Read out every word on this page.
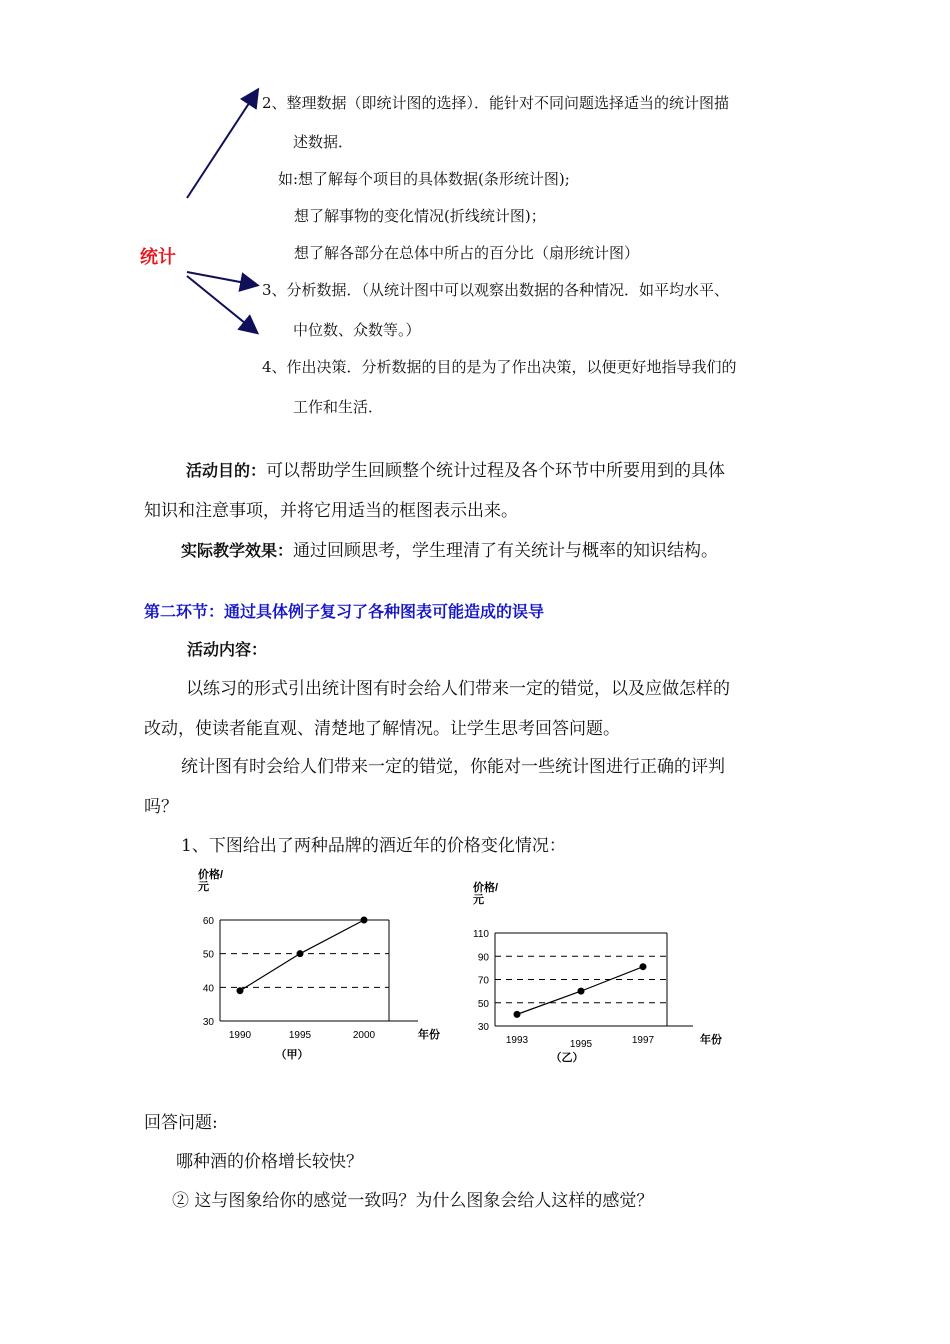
统计
2、整理数据（即统计图的选择）．能针对不同问题选择适当的统计图描
述数据．
如:想了解每个项目的具体数据(条形统计图);
想了解事物的变化情况(折线统计图)；
想了解各部分在总体中所占的百分比（扇形统计图）
3、分析数据．（从统计图中可以观察出数据的各种情况．如平均水平、
中位数、众数等。）
4、作出决策．分析数据的目的是为了作出决策，以便更好地指导我们的
工作和生活．
活动目的：可以帮助学生回顾整个统计过程及各个环节中所要用到的具体
知识和注意事项，并将它用适当的框图表示出来。
实际教学效果：通过回顾思考，学生理清了有关统计与概率的知识结构。
第二环节：通过具体例子复习了各种图表可能造成的误导
活动内容：
以练习的形式引出统计图有时会给人们带来一定的错觉，以及应做怎样的
改动，使读者能直观、清楚地了解情况。让学生思考回答问题。
统计图有时会给人们带来一定的错觉，你能对一些统计图进行正确的评判
吗？
1、下图给出了两种品牌的酒近年的价格变化情况：
价格/
元
30
40
50
60
1990	1995	2000	年份
（甲）
价格/
元
30
50
70
90
110
1993	1995	1997	年份
（乙）
回答问题:
哪种酒的价格增长较快？
② 这与图象给你的感觉一致吗？为什么图象会给人这样的感觉？
